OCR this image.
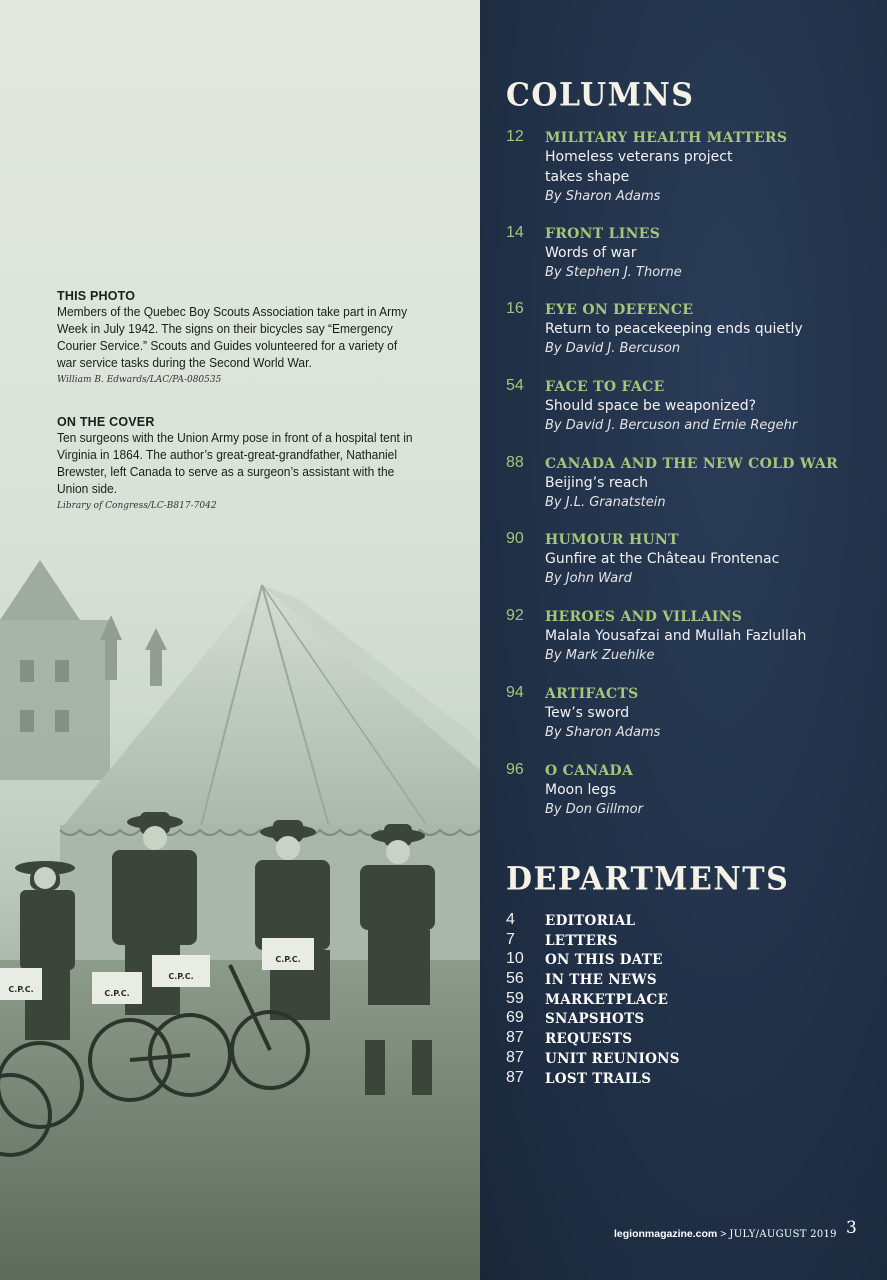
C.P.C.	C.P.C.
C.P.C.
C.P.C.
THIS PHOTO
Members of the Quebec Boy Scouts Association take part in Army Week in July 1942. The signs on their bicycles say “Emergency Courier Service.” Scouts and Guides volunteered for a variety of war service tasks during the Second World War.
William B. Edwards/LAC/PA-080535
ON THE COVER
Ten surgeons with the Union Army pose in front of a hospital tent in Virginia in 1864. The author’s great-great-grandfather, Nathaniel Brewster, left Canada to serve as a surgeon’s assistant with the Union side.
Library of Congress/LC-B817-7042
COLUMNS
12	MILITARY HEALTH MATTERS
Homeless veterans project takes shape
By Sharon Adams
14	FRONT LINES
Words of war
By Stephen J. Thorne
16	EYE ON DEFENCE
Return to peacekeeping ends quietly
By David J. Bercuson
54	FACE TO FACE
Should space be weaponized?
By David J. Bercuson and Ernie Regehr
88	CANADA AND THE NEW COLD WAR
Beijing’s reach
By J.L. Granatstein
90	HUMOUR HUNT
Gunfire at the Château Frontenac
By John Ward
92	HEROES AND VILLAINS
Malala Yousafzai and Mullah Fazlullah
By Mark Zuehlke
94	ARTIFACTS
Tew’s sword
By Sharon Adams
96	O CANADA
Moon legs
By Don Gillmor
DEPARTMENTS
4 EDITORIAL
7 LETTERS
10 ON THIS DATE
56 IN THE NEWS
59 MARKETPLACE
69 SNAPSHOTS
87 REQUESTS
87 UNIT REUNIONS
87 LOST TRAILS
legionmagazine.com > JULY/AUGUST 2019 3
